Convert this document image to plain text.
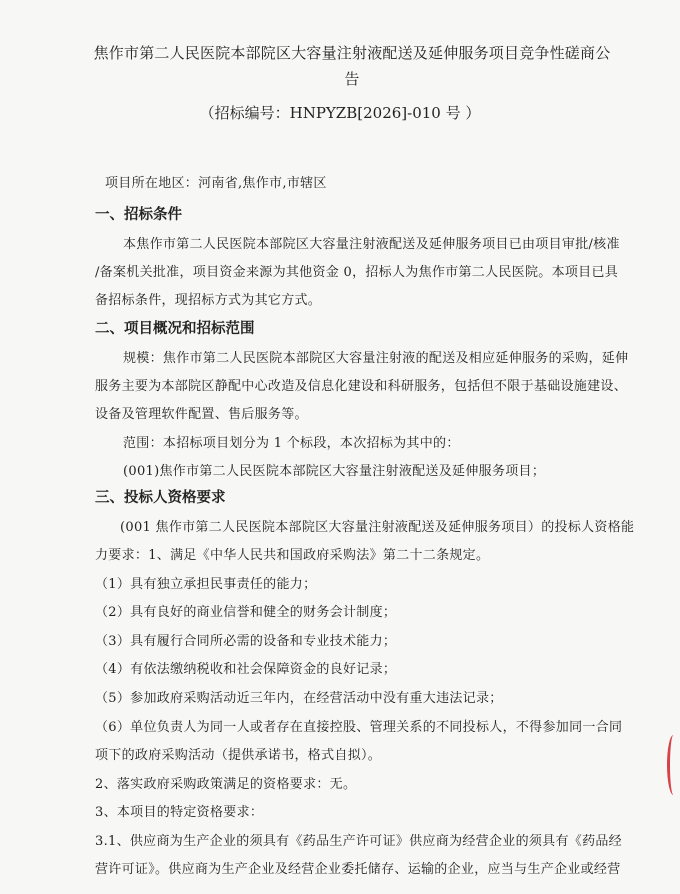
焦作市第二人民医院本部院区大容量注射液配送及延伸服务项目竞争性磋商公告
（招标编号：HNPYZB[2026]-010 号 ）
项目所在地区：河南省,焦作市,市辖区
一、招标条件
本焦作市第二人民医院本部院区大容量注射液配送及延伸服务项目已由项目审批/核准
/备案机关批准，项目资金来源为其他资金 0，招标人为焦作市第二人民医院。本项目已具
备招标条件，现招标方式为其它方式。
二、项目概况和招标范围
规模：焦作市第二人民医院本部院区大容量注射液的配送及相应延伸服务的采购，延伸
服务主要为本部院区静配中心改造及信息化建设和科研服务，包括但不限于基础设施建设、
设备及管理软件配置、售后服务等。
范围：本招标项目划分为 1 个标段，本次招标为其中的：
(001)焦作市第二人民医院本部院区大容量注射液配送及延伸服务项目；
三、投标人资格要求
(001 焦作市第二人民医院本部院区大容量注射液配送及延伸服务项目）的投标人资格能
力要求：1、满足《中华人民共和国政府采购法》第二十二条规定。
（1）具有独立承担民事责任的能力；
（2）具有良好的商业信誉和健全的财务会计制度；
（3）具有履行合同所必需的设备和专业技术能力；
（4）有依法缴纳税收和社会保障资金的良好记录；
（5）参加政府采购活动近三年内，在经营活动中没有重大违法记录；
（6）单位负责人为同一人或者存在直接控股、管理关系的不同投标人，不得参加同一合同
项下的政府采购活动（提供承诺书，格式自拟）。
2、落实政府采购政策满足的资格要求：无。
3、本项目的特定资格要求：
3.1、供应商为生产企业的须具有《药品生产许可证》供应商为经营企业的须具有《药品经
营许可证》。供应商为生产企业及经营企业委托储存、运输的企业，应当与生产企业或经营
